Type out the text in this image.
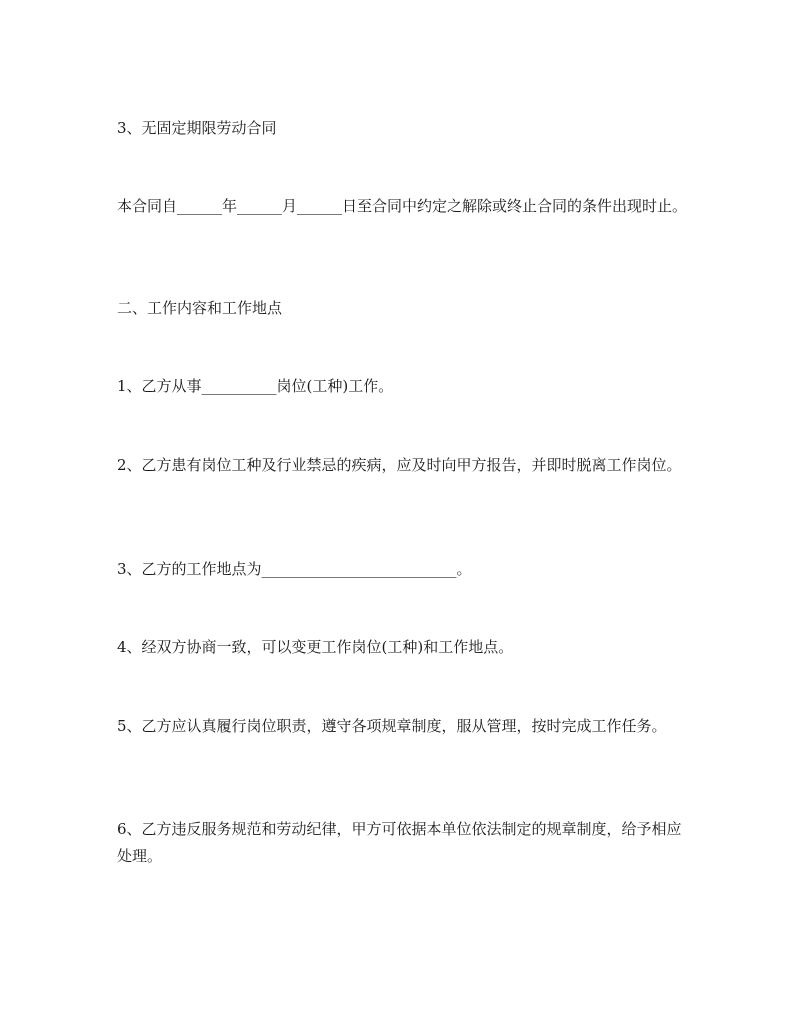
3、无固定期限劳动合同

本合同自______年______月______日至合同中约定之解除或终止合同的条件出现时止。

二、工作内容和工作地点

1、乙方从事__________岗位(工种)工作。

2、乙方患有岗位工种及行业禁忌的疾病，应及时向甲方报告，并即时脱离工作岗位。

3、乙方的工作地点为__________________________。

4、经双方协商一致，可以变更工作岗位(工种)和工作地点。

5、乙方应认真履行岗位职责，遵守各项规章制度，服从管理，按时完成工作任务。

6、乙方违反服务规范和劳动纪律，甲方可依据本单位依法制定的规章制度，给予相应处理。
